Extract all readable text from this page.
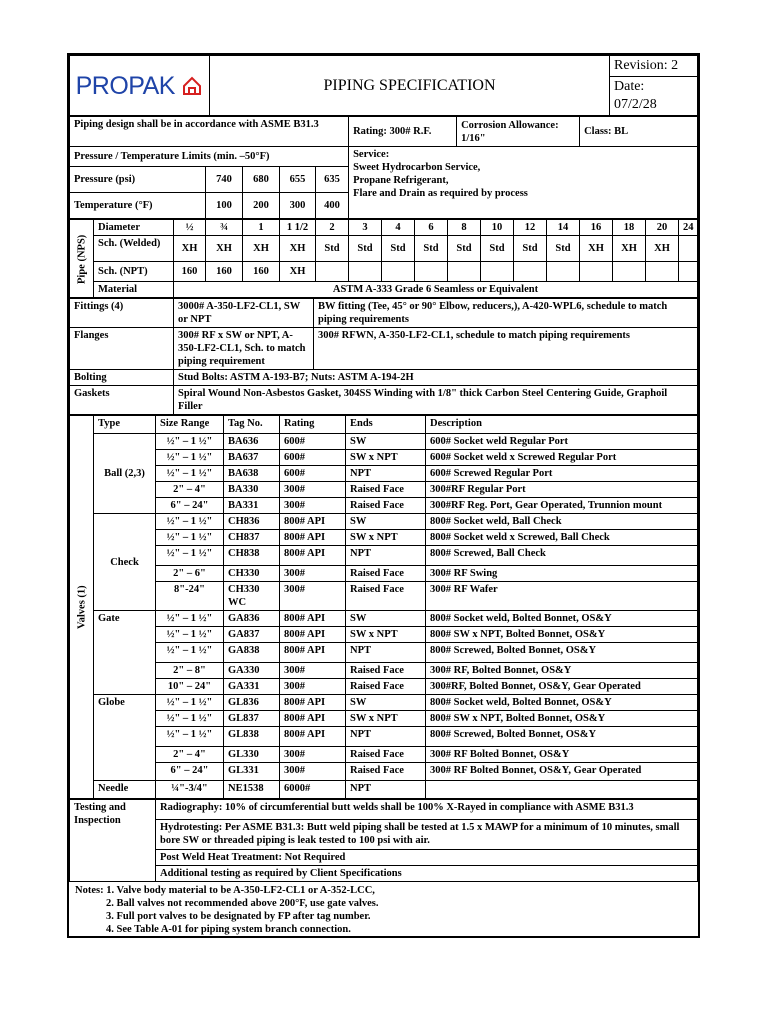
PROPAK	PIPING SPECIFICATION	Revision: 2

Date:
07/2/28
Piping design shall be in accordance with ASME B31.3					Rating: 300# R.F.	Corrosion Allowance: 1/16"	Class: BL
Pressure / Temperature Limits (min. –50°F)					Service:
Sweet Hydrocarbon Service,
Propane Refrigerant,
Flare and Drain as required by process		

Pressure (psi)	740	680	655	635			
Temperature (°F)	100	200	300	400			
Pipe (NPS)	Diameter	½	¾	1	1 1/2	2	3	4	6	8	10	12	14	16	18	20	24
	Sch. (Welded)	XH	XH	XH	XH	Std	Std	Std	Std	Std	Std	Std	Std	XH	XH	XH	
	Sch. (NPT)	160	160	160	XH												
	Material	ASTM A-333 Grade 6 Seamless or Equivalent															
Fittings (4)	3000# A-350-LF2-CL1, SW or NPT	BW fitting (Tee, 45° or 90° Elbow, reducers,), A-420-WPL6, schedule to match piping requirements
Flanges	300# RF x SW or NPT, A-350-LF2-CL1, Sch. to match piping requirement	300# RFWN, A-350-LF2-CL1, schedule to match piping requirements
Bolting	Stud Bolts: ASTM A-193-B7; Nuts: ASTM A-194-2H	
Gaskets	Spiral Wound Non-Asbestos Gasket, 304SS Winding with 1/8" thick Carbon Steel Centering Guide, Graphoil Filler	
Valves (1)	Type	Size Range	Tag No.	Rating	Ends	Description
	Ball (2,3)	½" – 1 ½"	BA636	600#	SW	600# Socket weld Regular Port
		½" – 1 ½"	BA637	600#	SW x NPT	600# Socket weld x Screwed Regular Port
		½" – 1 ½"	BA638	600#	NPT	600# Screwed Regular Port
		2" – 4"	BA330	300#	Raised Face	300#RF Regular Port
		6" – 24"	BA331	300#	Raised Face	300#RF Reg. Port, Gear Operated, Trunnion mount
	Check	½" – 1 ½"	CH836	800# API	SW	800# Socket weld, Ball Check
		½" – 1 ½"	CH837	800# API	SW x NPT	800# Socket weld x Screwed, Ball Check
		½" – 1 ½"	CH838	800# API	NPT	800# Screwed, Ball Check
		2" – 6"	CH330	300#	Raised Face	300# RF Swing
		8"-24"	CH330 WC	300#	Raised Face	300# RF Wafer
	Gate	½" – 1 ½"	GA836	800# API	SW	800# Socket weld, Bolted Bonnet, OS&Y
		½" – 1 ½"	GA837	800# API	SW x NPT	800# SW x NPT, Bolted Bonnet, OS&Y
		½" – 1 ½"	GA838	800# API	NPT	800# Screwed, Bolted Bonnet, OS&Y
		2" – 8"	GA330	300#	Raised Face	300# RF, Bolted Bonnet, OS&Y
		10" – 24"	GA331	300#	Raised Face	300#RF, Bolted Bonnet, OS&Y, Gear Operated
	Globe	½" – 1 ½"	GL836	800# API	SW	800# Socket weld, Bolted Bonnet, OS&Y
		½" – 1 ½"	GL837	800# API	SW x NPT	800# SW x NPT, Bolted Bonnet, OS&Y
		½" – 1 ½"	GL838	800# API	NPT	800# Screwed, Bolted Bonnet, OS&Y
		2" – 4"	GL330	300#	Raised Face	300# RF Bolted Bonnet, OS&Y
		6" – 24"	GL331	300#	Raised Face	300# RF Bolted Bonnet, OS&Y, Gear Operated
	Needle	¼"-3/4"	NE1538	6000#	NPT	
Testing and Inspection	Radiography: 10% of circumferential butt welds shall be 100% X-Rayed in compliance with ASME B31.3
Hydrotesting: Per ASME B31.3: Butt weld piping shall be tested at 1.5 x MAWP for a minimum of 10 minutes, small bore SW or threaded piping is leak tested to 100 psi with air.
Post Weld Heat Treatment: Not Required
Additional testing as required by Client Specifications
Notes: 1. Valve body material to be A-350-LF2-CL1 or A-352-LCC,
2. Ball valves not recommended above 200°F, use gate valves.
3. Full port valves to be designated by FP after tag number.
4. See Table A-01 for piping system branch connection.
